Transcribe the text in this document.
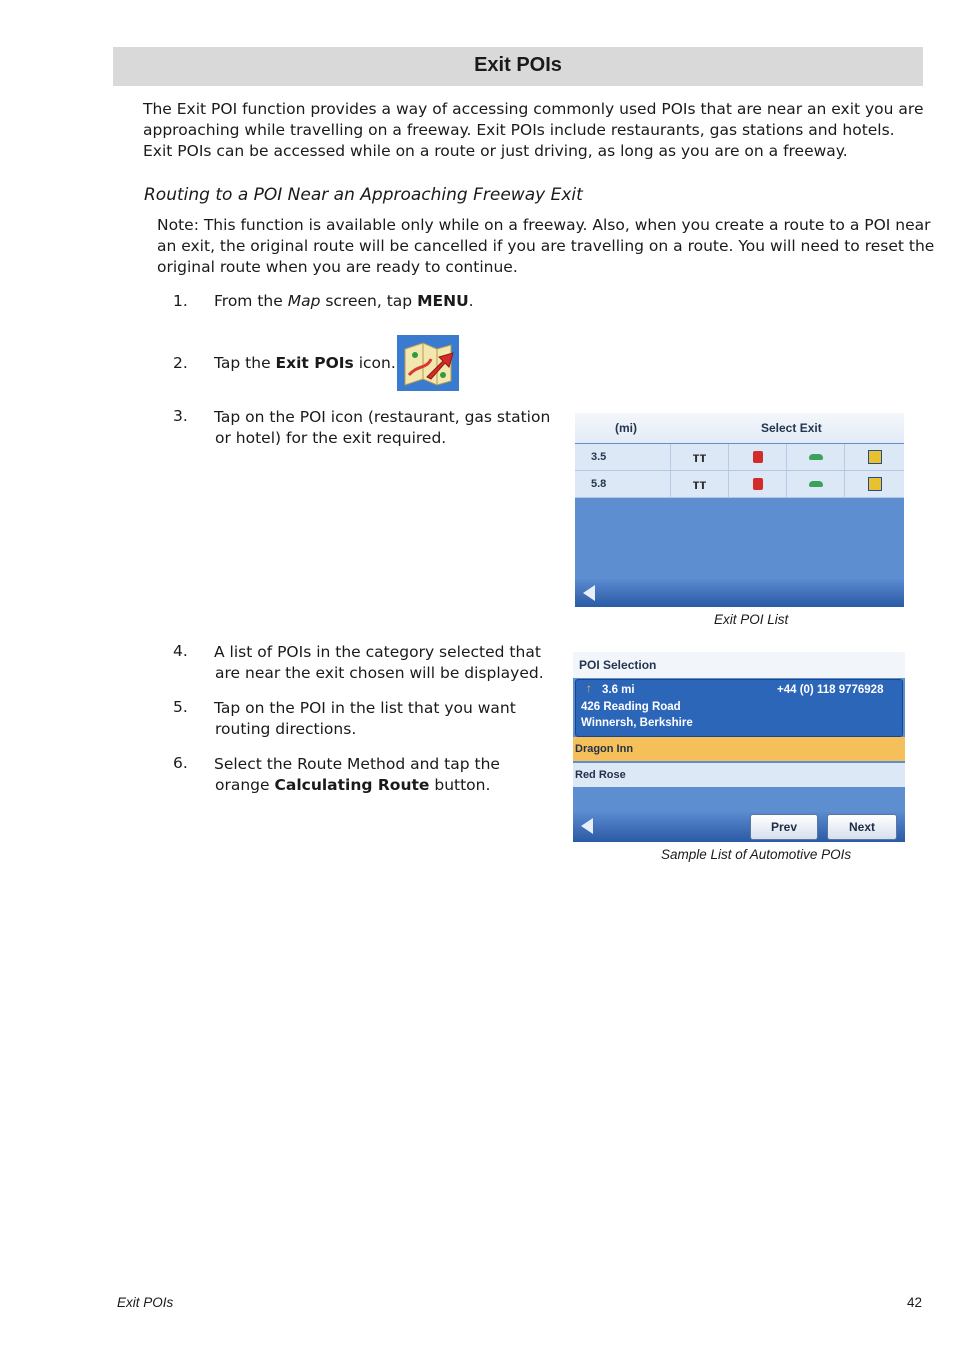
Exit POIs
The Exit POI function provides a way of accessing commonly used POIs that are near an exit you are
approaching while travelling on a freeway. Exit POIs include restaurants, gas stations and hotels.
Exit POIs can be accessed while on a route or just driving, as long as you are on a freeway.
Routing to a POI Near an Approaching Freeway Exit
Note: This function is available only while on a freeway. Also, when you create a route to a POI near
an exit, the original route will be cancelled if you are travelling on a route. You will need to reset the
original route when you are ready to continue.
1. From the Map screen, tap MENU.
2. Tap the Exit POIs icon.
3. Tap on the POI icon (restaurant, gas station
or hotel) for the exit required.
(mi)	Select Exit
3.5	ᴛᴛ
5.8	ᴛᴛ
Exit POI List
4. A list of POIs in the category selected that
are near the exit chosen will be displayed.
5. Tap on the POI in the list that you want
routing directions.
6. Select the Route Method and tap the
orange Calculating Route button.
POI Selection
↑ 3.6 mi	+44 (0) 118 9776928
426 Reading Road
Winnersh, Berkshire
Dragon Inn
Red Rose
Prev	Next
Sample List of Automotive POIs
Exit POIs	42
